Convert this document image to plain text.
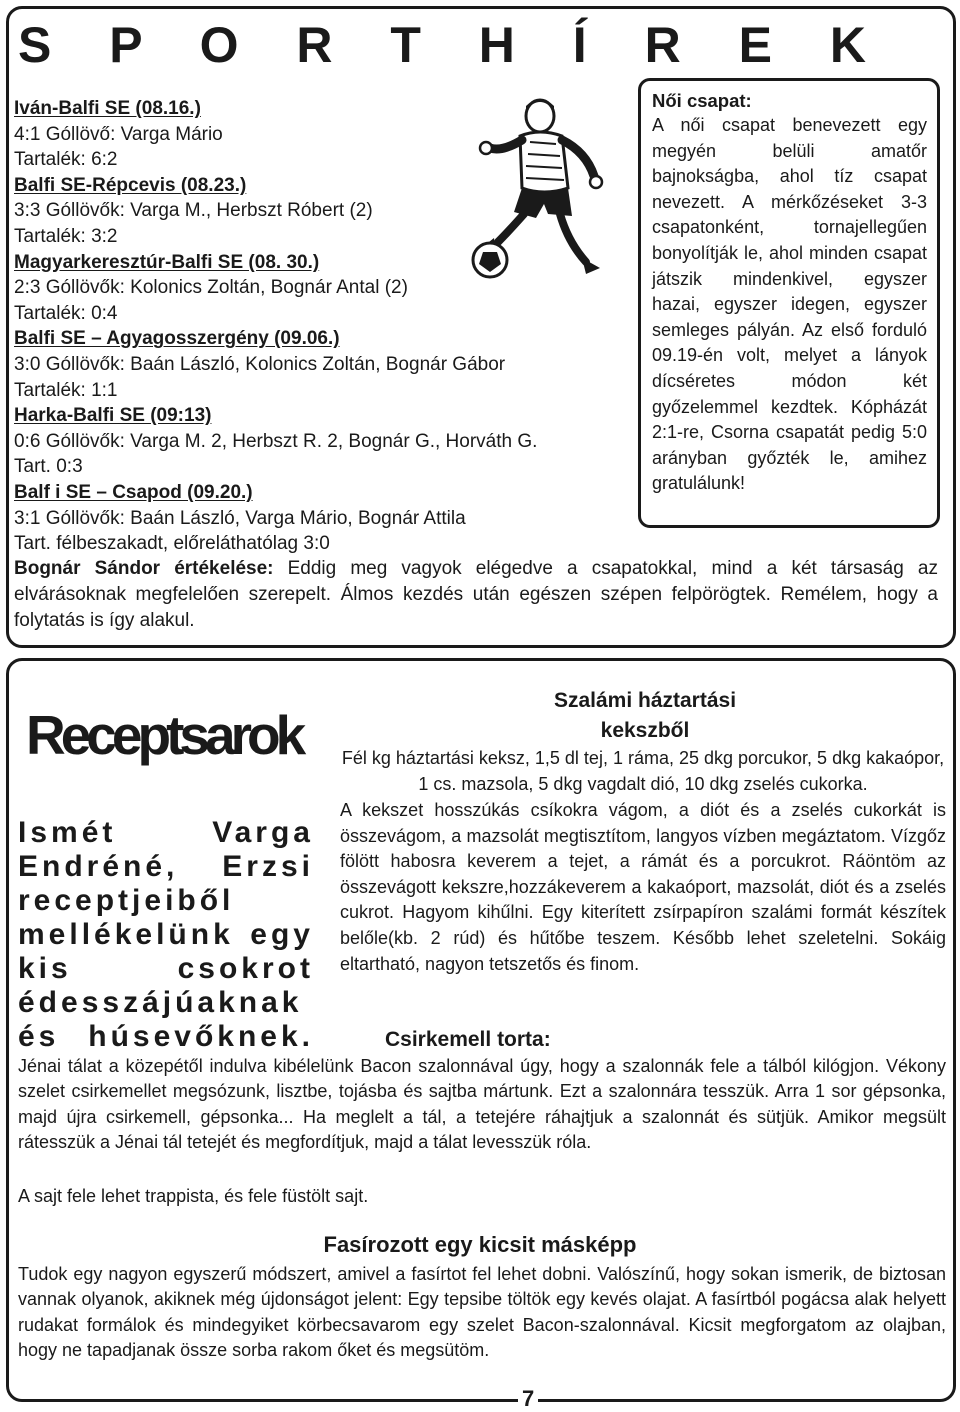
S P O R T H Í R E K
Iván-Balfi SE (08.16.)
4:1 Góllövő: Varga Mário
Tartalék: 6:2
Balfi SE-Répcevis (08.23.)
3:3 Góllövők: Varga M., Herbszt Róbert (2)
Tartalék: 3:2
Magyarkeresztúr-Balfi SE (08. 30.)
2:3 Góllövők: Kolonics Zoltán, Bognár Antal (2)
Tartalék: 0:4
Balfi SE – Agyagosszergény (09.06.)
3:0 Góllövők: Baán László, Kolonics Zoltán, Bognár Gábor
Tartalék: 1:1
Harka-Balfi SE (09:13)
0:6 Góllövők: Varga M. 2, Herbszt R. 2, Bognár G., Horváth G.
Tart. 0:3
Balf i SE – Csapod (09.20.)
3:1 Góllövők: Baán László, Varga Mário, Bognár Attila
Tart. félbeszakadt, előreláthatólag 3:0
Női csapat:
A női csapat benevezett egy megyén belüli amatőr bajnokságba, ahol tíz csapat nevezett. A mérkőzéseket 3-3 csapatonként, tornajellegűen bonyolítják le, ahol minden csapat játszik mindenkivel, egyszer hazai, egyszer idegen, egyszer semleges pályán. Az első forduló 09.19-én volt, melyet a lányok dícséretes módon két győzelemmel kezdtek. Kópházát 2:1-re, Csorna csapatát pedig 5:0 arányban győzték le, amihez gratulálunk!
Bognár Sándor értékelése: Eddig meg vagyok elégedve a csapatokkal, mind a két társaság az elvárásoknak megfelelően szerepelt. Álmos kezdés után egészen szépen felpörögtek. Remélem, hogy a folytatás is így alakul.
Receptsarok
Ismét Varga Endréné, Erzsi receptjeiből mellékelünk egy kis csokrot édesszájúaknak és húsevőknek.
Szalámi háztartási
kekszből
Fél kg háztartási keksz, 1,5 dl tej, 1 ráma, 25 dkg porcukor, 5 dkg kakaópor, 1 cs. mazsola, 5 dkg vagdalt dió, 10 dkg zselés cukorka.
A kekszet hosszúkás csíkokra vágom, a diót és a zselés cukorkát is összevágom, a mazsolát megtisztítom, langyos vízben megáztatom. Vízgőz fölött habosra keverem a tejet, a rámát és a porcukrot. Ráöntöm az összevágott kekszre,hozzákeverem a kakaóport, mazsolát, diót és a zselés cukrot. Hagyom kihűlni. Egy kiterített zsírpapíron szalámi formát készítek belőle(kb. 2 rúd) és hűtőbe teszem. Később lehet szeletelni. Sokáig eltartható, nagyon tetszetős és finom.
Csirkemell torta:
Jénai tálat a közepétől indulva kibélelünk Bacon szalonnával úgy, hogy a szalonnák fele a tálból kilógjon. Vékony szelet csirkemellet megsózunk, lisztbe, tojásba és sajtba mártunk. Ezt a szalonnára tesszük. Arra 1 sor gépsonka, majd újra csirkemell, gépsonka... Ha meglelt a tál, a tetejére ráhajtjuk a szalonnát és sütjük. Amikor megsült rátesszük a Jénai tál tetejét és megfordítjuk, majd a tálat levesszük róla.
A sajt fele lehet trappista, és fele füstölt sajt.
Fasírozott egy kicsit másképp
Tudok egy nagyon egyszerű módszert, amivel a fasírtot fel lehet dobni. Valószínű, hogy sokan ismerik, de biztosan vannak olyanok, akiknek még újdonságot jelent: Egy tepsibe töltök egy kevés olajat. A fasírtból pogácsa alak helyett rudakat formálok és mindegyiket körbecsavarom egy szelet Bacon-szalonnával. Kicsit megforgatom az olajban, hogy ne tapadjanak össze sorba rakom őket és megsütöm.
7
